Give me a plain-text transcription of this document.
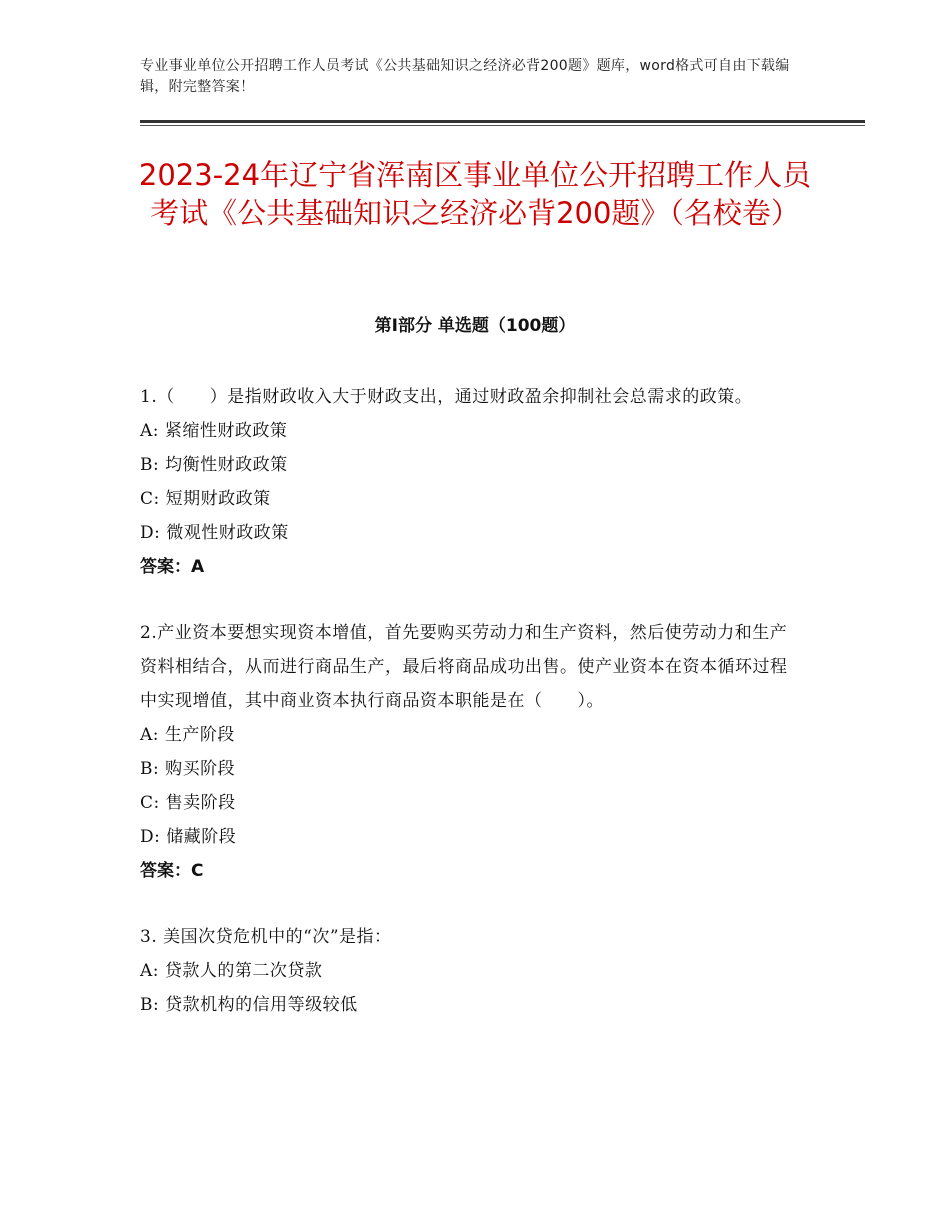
专业事业单位公开招聘工作人员考试《公共基础知识之经济必背200题》题库，word格式可自由下载编辑，附完整答案！
2023-24年辽宁省浑南区事业单位公开招聘工作人员考试《公共基础知识之经济必背200题》（名校卷）
第Ⅰ部分 单选题（100题）

1.（　　）是指财政收入大于财政支出，通过财政盈余抑制社会总需求的政策。

A: 紧缩性财政政策

B: 均衡性财政政策

C: 短期财政政策

D: 微观性财政政策

答案：A

2.产业资本要想实现资本增值，首先要购买劳动力和生产资料，然后使劳动力和生产资料相结合，从而进行商品生产，最后将商品成功出售。使产业资本在资本循环过程中实现增值，其中商业资本执行商品资本职能是在（　　）。

A: 生产阶段

B: 购买阶段

C: 售卖阶段

D: 储藏阶段

答案：C

3. 美国次贷危机中的“次”是指：

A: 贷款人的第二次贷款

B: 贷款机构的信用等级较低
